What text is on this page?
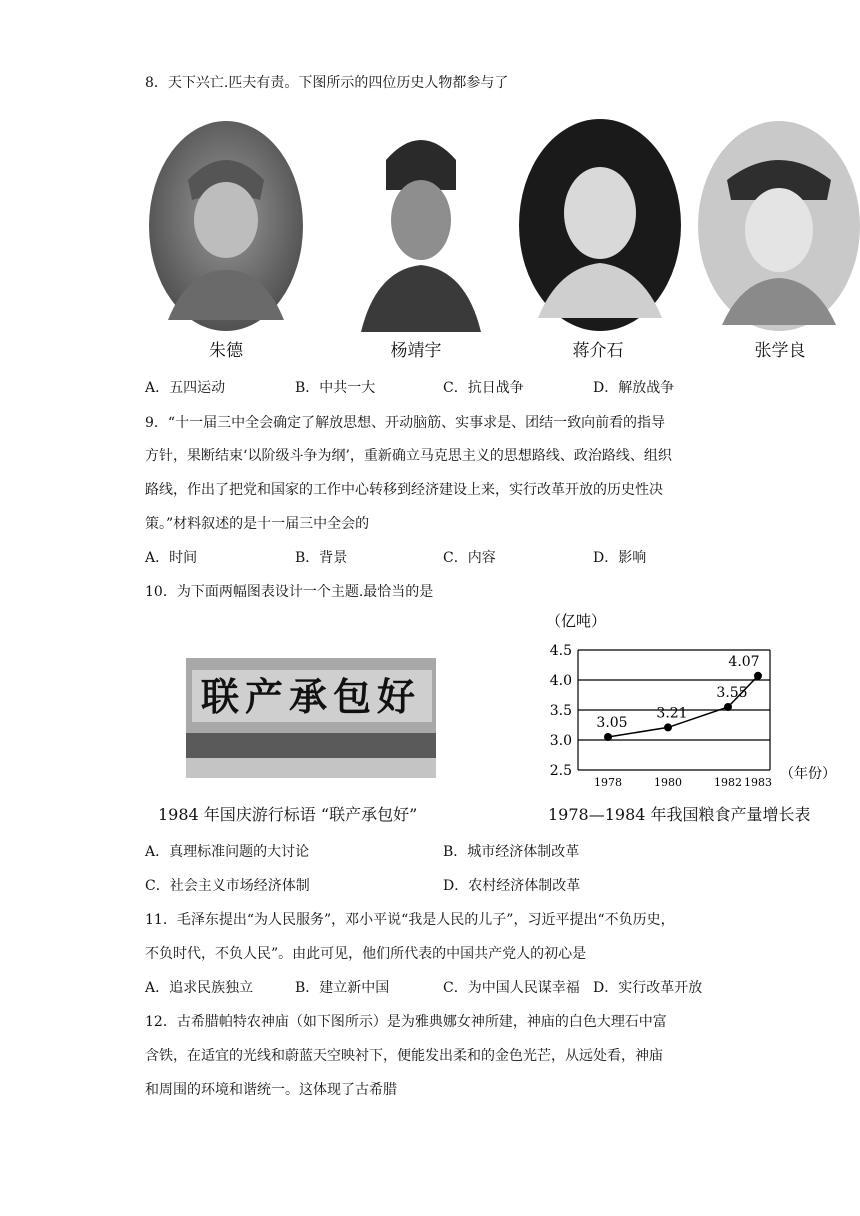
8．天下兴亡.匹夫有责。下图所示的四位历史人物都参与了
朱德	杨靖宇	蒋介石	张学良
A．五四运动	B．中共一大	C．抗日战争	D．解放战争
9．“十一届三中全会确定了解放思想、开动脑筋、实事求是、团结一致向前看的指导
方针，果断结束‘以阶级斗争为纲’，重新确立马克思主义的思想路线、政治路线、组织
路线，作出了把党和国家的工作中心转移到经济建设上来，实行改革开放的历史性决
策。”材料叙述的是十一届三中全会的
A．时间	B．背景	C．内容	D．影响
10．为下面两幅图表设计一个主题.最恰当的是
联产承包好
1984 年国庆游行标语 “联产承包好”
（亿吨）
4.5
4.0
3.5
3.0
2.5
1978	1980	1982 1983
3.05
3.21
3.55
4.07
（年份）
1978—1984 年我国粮食产量增长表
A．真理标准问题的大讨论	B．城市经济体制改革
C．社会主义市场经济体制	D．农村经济体制改革
11．毛泽东提出“为人民服务”，邓小平说“我是人民的儿子”，习近平提出“不负历史，
不负时代，不负人民”。由此可见，他们所代表的中国共产党人的初心是
A．追求民族独立	B．建立新中国	C．为中国人民谋幸福 D．实行改革开放
12．古希腊帕特农神庙（如下图所示）是为雅典娜女神所建，神庙的白色大理石中富
含铁，在适宜的光线和蔚蓝天空映衬下，便能发出柔和的金色光芒，从远处看，神庙
和周围的环境和谐统一。这体现了古希腊
